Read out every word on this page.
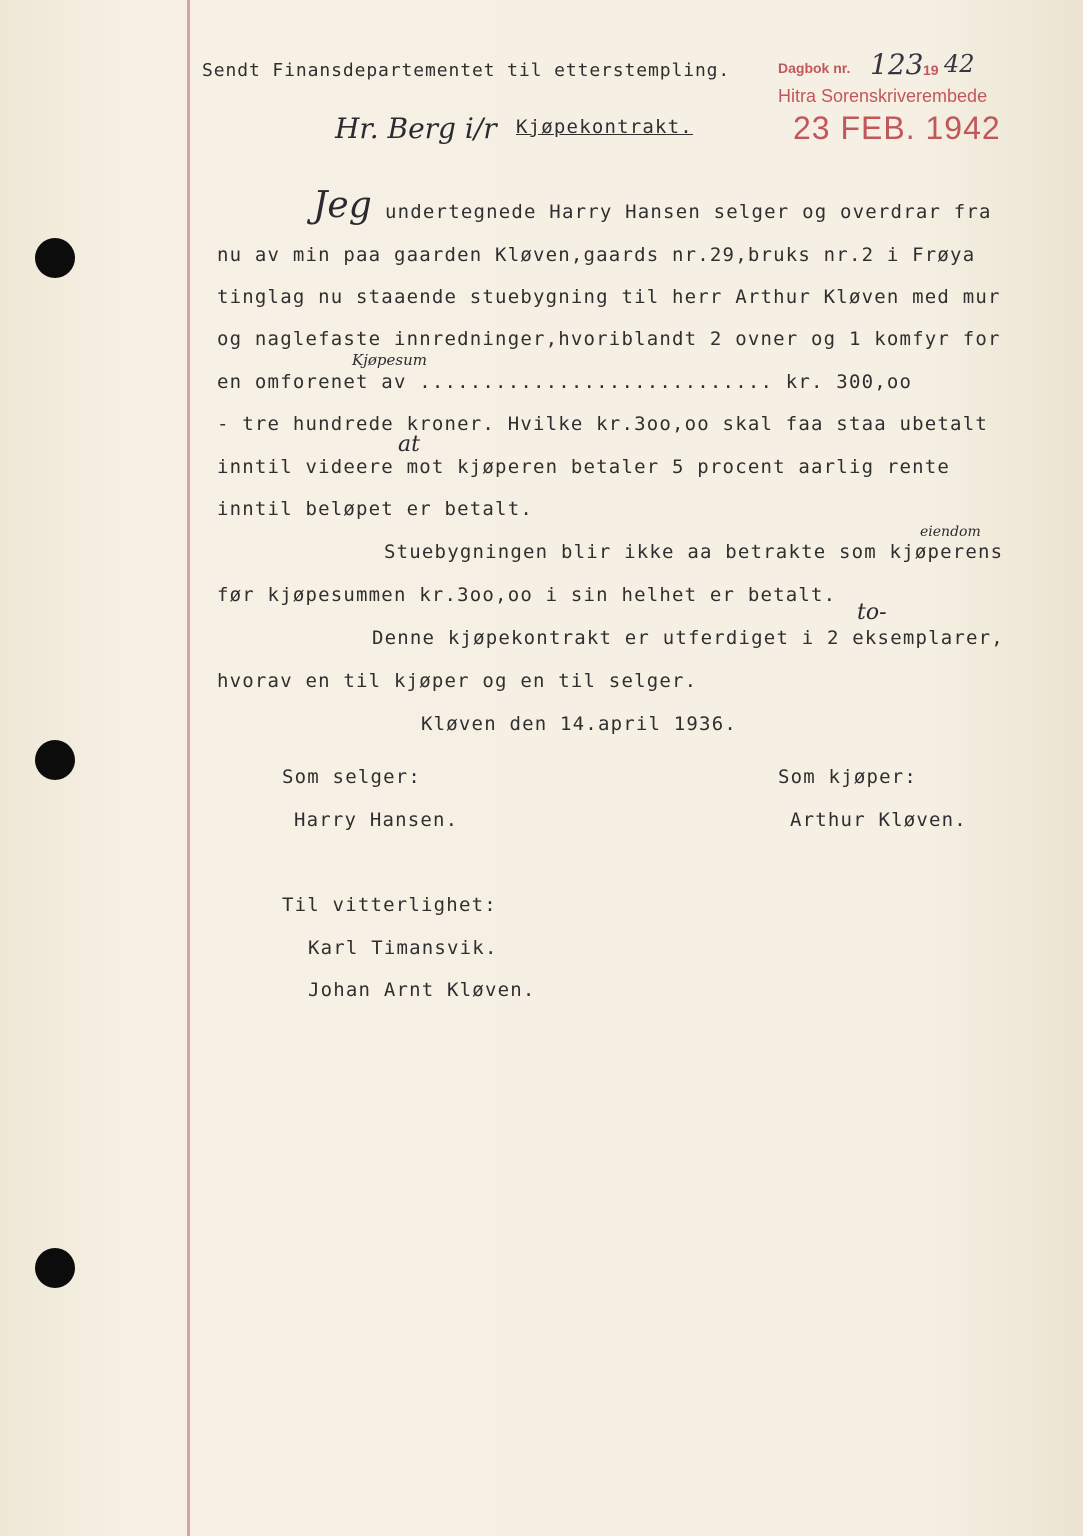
Sendt Finansdepartementet til etterstempling.	Dagbok nr. 123 19 42
Hitra Sorenskriverembede
23 FEB. 1942
Hr. Berg i/r Kjøpekontrakt.
Jeg undertegnede Harry Hansen selger og overdrar fra
nu av min paa gaarden Kløven,gaards nr.29,bruks nr.2 i Frøya
tinglag nu staaende stuebygning til herr Arthur Kløven med mur
og naglefaste innredninger,hvoriblandt 2 ovner og 1 komfyr for
Kjøpesum
en omforenet av ............................ kr. 300,oo
- tre hundrede kroner. Hvilke kr.3oo,oo skal faa staa ubetalt
at
inntil videere mot kjøperen betaler 5 procent aarlig rente
inntil beløpet er betalt.
eiendom
Stuebygningen blir ikke aa betrakte som kjøperens
før kjøpesummen kr.3oo,oo i sin helhet er betalt.
to-
Denne kjøpekontrakt er utferdiget i 2 eksemplarer,
hvorav en til kjøper og en til selger.
Kløven den 14.april 1936.
Som selger:	Som kjøper:
Harry Hansen.	Arthur Kløven.
Til vitterlighet:
Karl Timansvik.
Johan Arnt Kløven.
